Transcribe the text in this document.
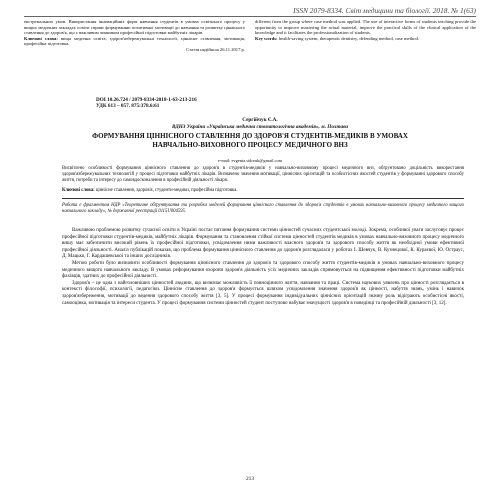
ISSN 2079-8334. Світ медицини та біології. 2018. № 1(63)

екстремальних умов. Використання інноваційних форм навчання студентів в умовах освітнього процесу у вищих медичних закладах освіти сприяє формуванню позитивної мотивації до навчання та розвитку ціннісного ставлення до здоров'я, що є важливим чинником професійної підготовки майбутніх лікарів.

Ключові слова: вища медична освіта, здоров'язбережувальні технології, ціннісне ставлення, мотивація, професійна підготовка.

Стаття надійшла 26.11.2017 р.

different from the group where case method was applied. The use of interactive forms of students teaching provide the opportunity to improve mastering the actual material, improve the practical skills of the clinical application of the knowledge and it facilitates the professionalization of students.

Key words: health-saving system, therapeutic dentistry, defending method, case method.

DOI 10.26.724 / 2079-8334-2018-1-63-213-216
УДК 613 – 057. 875:378.6:61
Сергійчук Є.А.
ВДНЗ України «Українська медична стоматологічна академія», м. Полтава
ФОРМУВАННЯ ЦІННІСНОГО СТАВЛЕННЯ ДО ЗДОРОВ'Я СТУДЕНТІВ-МЕДИКІВ В УМОВАХ НАВЧАЛЬНО-ВИХОВНОГО ПРОЦЕСУ МЕДИЧНОГО ВНЗ
e-mail: evgenia.sidoruk@gmail.com
Висвітлено особливості формування ціннісного ставлення до здоров'я в студентів-медиків у навчально-виховному процесі медичного внз, обґрунтовано доцільність використання здоров'язбережувальних технологій у процесі підготовки майбутніх лікарів. Визначено значення мотивації, ціннісних орієнтацій та особистісних якостей студентів у формуванні здорового способу життя, потреби та інтересу до самовдосконалення в професійній діяльності лікаря.
Ключові слова: ціннісне ставлення, здоров'я, студенти-медики, професійна підготовка.
Робота є фрагментом НДР «Теоретичне обґрунтування та розробка моделей формування ціннісного ставлення до здоров'я студентів в умовах навчально-виховного процесу медичного вищого навчального закладу», № державної реєстрації 0115U004595.

Важливою проблемою розвитку сучасної освіти в Україні постає питання формування системи цінностей сучасних студентської молоді. Зокрема, особливої уваги заслуговує процес професійної підготовки студентів-медиків, майбутніх лікарів. Формування та становлення стійкої системи цінностей студентів медиків в умовах навчально-виховного процесу медичного вишу має забезпечити високий рівень їх професійної підготовки, усвідомлення ними важливості власного здоров'я та здорового способу життя як необхідної умови ефективної професійної діяльності. Аналіз публікацій показав, що проблема формування ціннісного ставлення до здоров'я розглядалася у роботах І. Шевчук, В. Кузнецової, К. Кураєвої, Ю. Остраус, Д. Мацько, Г. Кардашевської та інших дослідників.

Метою роботи було визначити особливості формування ціннісного ставлення до здоров'я та здорового способу життя студентів-медиків в умовах навчально-виховного процесу медичного вищого навчального закладу. В умовах реформування охорони здоров'я діяльність усіх медичних закладів спрямовується на підвищення ефективності підготовки майбутніх фахівців, здатних до професійної діяльності.

Здоров'я – це одна з найголовніших цінностей людини, що визначає можливість її повноцінного життя, навчання та праці. Система наукових уявлень про цінності розглядається в контексті філософії, психології, педагогіки. Ціннісне ставлення до здоров'я формується шляхом усвідомлення значення здоров'я як цінності, набуття знань, умінь і навичок здоров'язбереження, мотивації до ведення здорового способу життя [3, 5]. У процесі формування індивідуальних ціннісних орієнтацій значну роль відіграють особистісні якості, самооцінка, мотивація та інтереси студента. У процесі формування системи цінностей студент поступово набуває значущості здоров'я в поведінці та професійній діяльності [3, 12].

213
